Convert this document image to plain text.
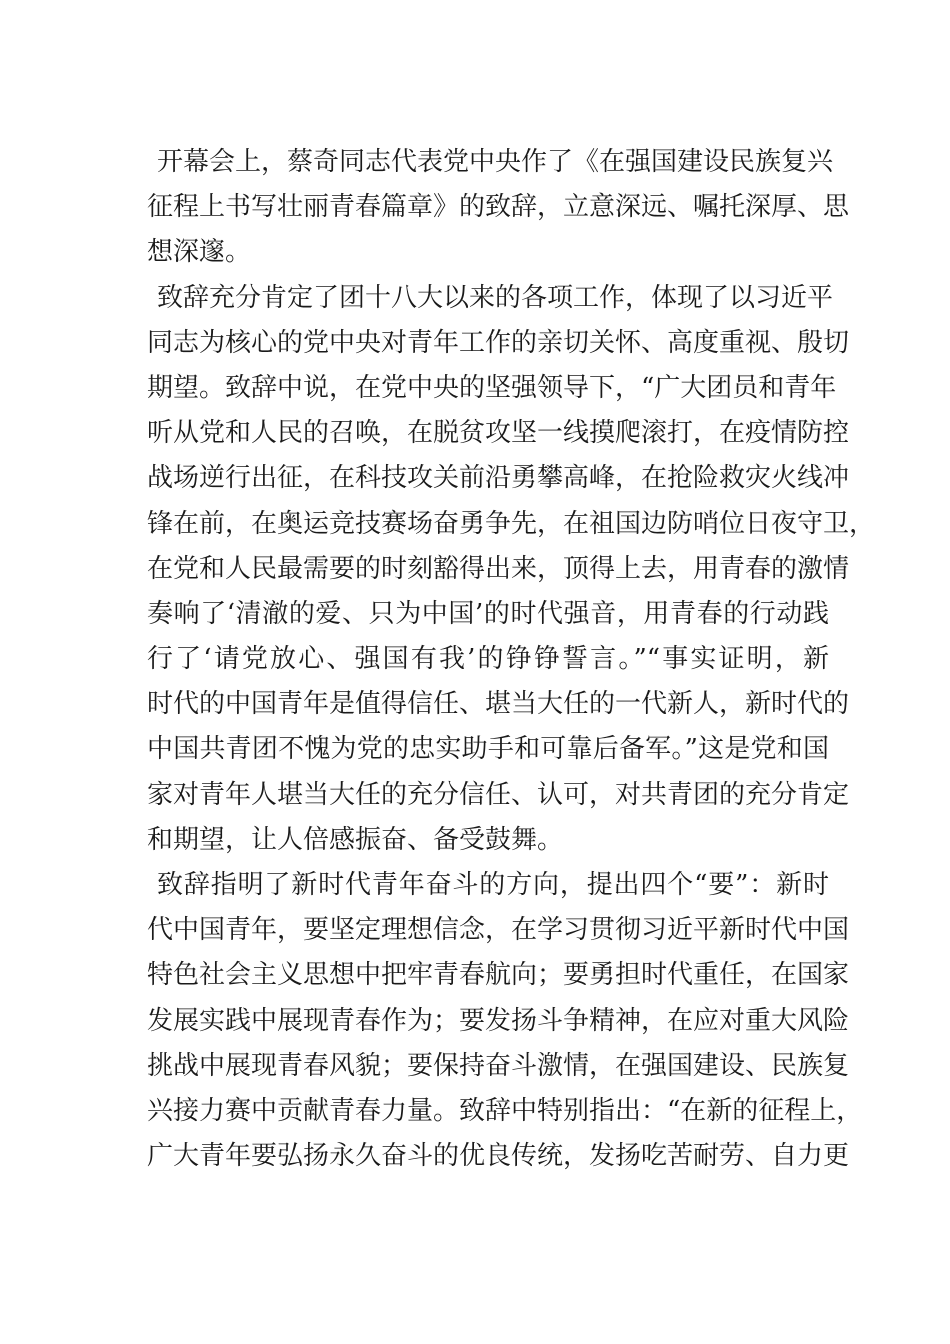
开幕会上，蔡奇同志代表党中央作了《在强国建设民族复兴
征程上书写壮丽青春篇章》的致辞，立意深远、嘱托深厚、思
想深邃。
致辞充分肯定了团十八大以来的各项工作，体现了以习近平
同志为核心的党中央对青年工作的亲切关怀、高度重视、殷切
期望。致辞中说，在党中央的坚强领导下，“广大团员和青年
听从党和人民的召唤，在脱贫攻坚一线摸爬滚打，在疫情防控
战场逆行出征，在科技攻关前沿勇攀高峰，在抢险救灾火线冲
锋在前，在奥运竞技赛场奋勇争先，在祖国边防哨位日夜守卫，
在党和人民最需要的时刻豁得出来，顶得上去，用青春的激情
奏响了‘清澈的爱、只为中国’的时代强音，用青春的行动践
行了‘请党放心、强国有我’的铮铮誓言。”“事实证明，新
时代的中国青年是值得信任、堪当大任的一代新人，新时代的
中国共青团不愧为党的忠实助手和可靠后备军。”这是党和国
家对青年人堪当大任的充分信任、认可，对共青团的充分肯定
和期望，让人倍感振奋、备受鼓舞。
致辞指明了新时代青年奋斗的方向，提出四个“要”：新时
代中国青年，要坚定理想信念，在学习贯彻习近平新时代中国
特色社会主义思想中把牢青春航向；要勇担时代重任，在国家
发展实践中展现青春作为；要发扬斗争精神，在应对重大风险
挑战中展现青春风貌；要保持奋斗激情，在强国建设、民族复
兴接力赛中贡献青春力量。致辞中特别指出：“在新的征程上，
广大青年要弘扬永久奋斗的优良传统，发扬吃苦耐劳、自力更
